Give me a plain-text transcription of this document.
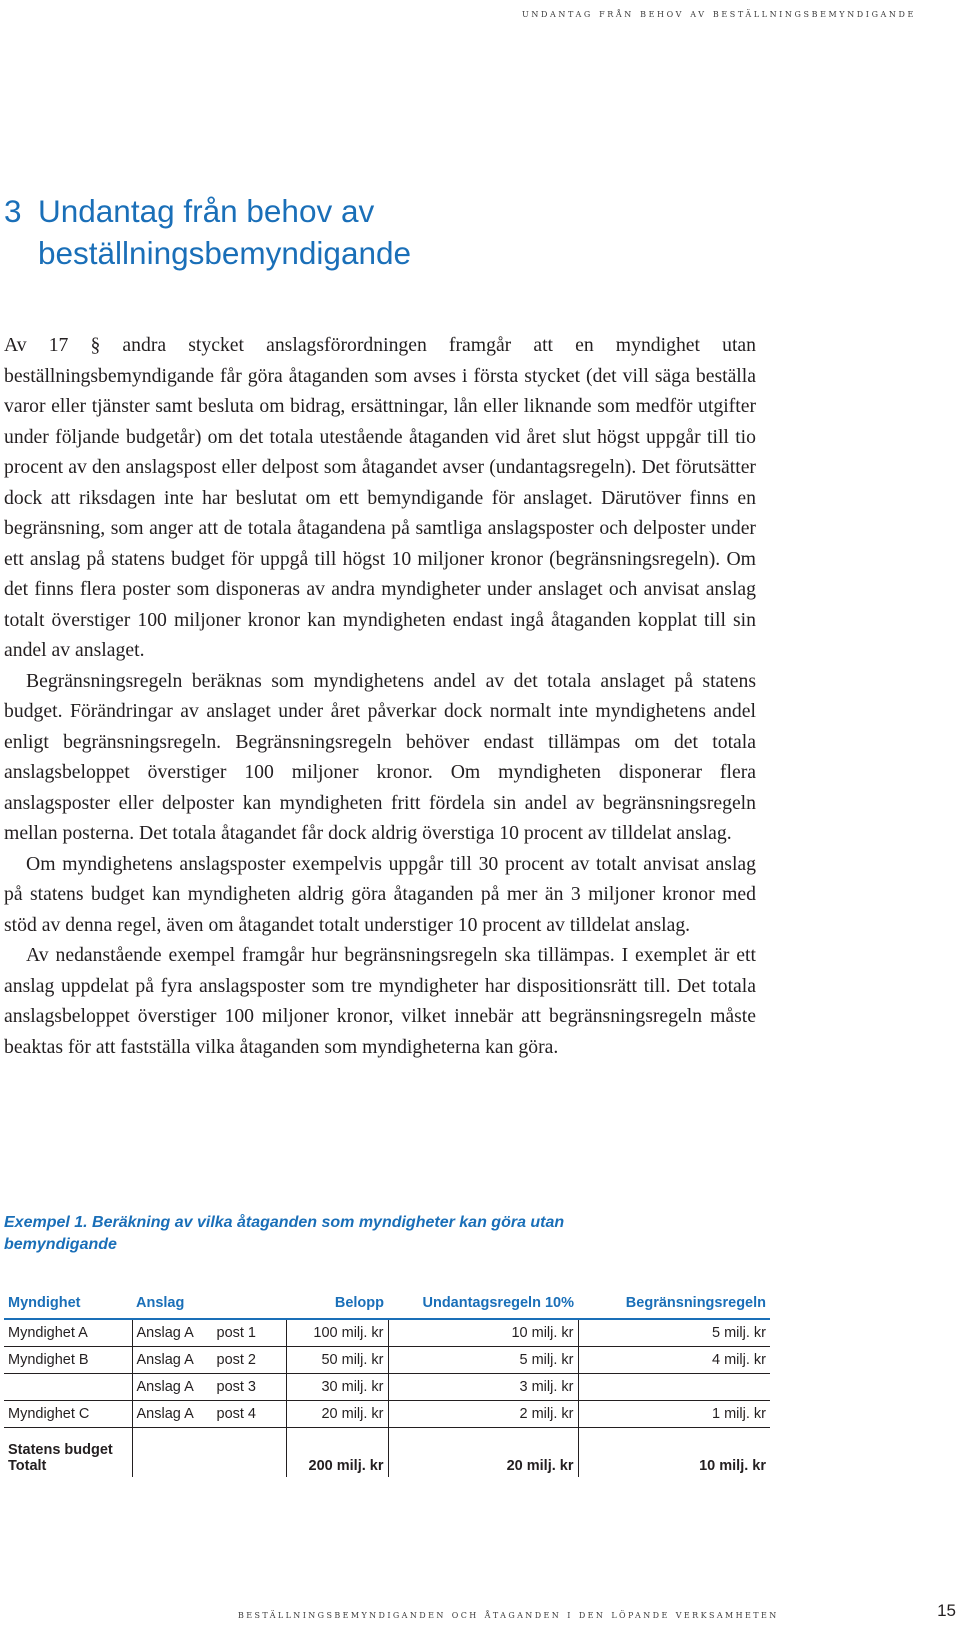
undantag från behov av beställningsbemyndigande
3 Undantag från behov av
beställningsbemyndigande

Av 17 § andra stycket anslagsförordningen framgår att en myndighet utan beställningsbemyndigande får göra åtaganden som avses i första stycket (det vill säga beställa varor eller tjänster samt besluta om bidrag, ersättningar, lån eller liknande som medför utgifter under följande budgetår) om det totala utestående åtaganden vid året slut högst uppgår till tio procent av den anslagspost eller delpost som åtagandet avser (undantagsregeln). Det förutsätter dock att riksdagen inte har beslutat om ett bemyndigande för anslaget. Därutöver finns en begränsning, som anger att de totala åtagandena på samtliga anslagsposter och delposter under ett anslag på statens budget för uppgå till högst 10 miljoner kronor (begränsningsregeln). Om det finns flera poster som disponeras av andra myndigheter under anslaget och anvisat anslag totalt överstiger 100 miljoner kronor kan myndigheten endast ingå åtaganden kopplat till sin andel av anslaget.

Begränsningsregeln beräknas som myndighetens andel av det totala anslaget på statens budget. Förändringar av anslaget under året påverkar dock normalt inte myndighetens andel enligt begränsningsregeln. Begränsningsregeln behöver endast tillämpas om det totala anslagsbeloppet överstiger 100 miljoner kronor. Om myndigheten disponerar flera anslagsposter eller delposter kan myndigheten fritt fördela sin andel av begränsningsregeln mellan posterna. Det totala åtagandet får dock aldrig överstiga 10 procent av tilldelat anslag.

Om myndighetens anslagsposter exempelvis uppgår till 30 procent av totalt anvisat anslag på statens budget kan myndigheten aldrig göra åtaganden på mer än 3 miljoner kronor med stöd av denna regel, även om åtagandet totalt understiger 10 procent av tilldelat anslag.

Av nedanstående exempel framgår hur begränsningsregeln ska tillämpas. I exemplet är ett anslag uppdelat på fyra anslagsposter som tre myndigheter har dispositionsrätt till. Det totala anslagsbeloppet överstiger 100 miljoner kronor, vilket innebär att begränsningsregeln måste beaktas för att fastställa vilka åtaganden som myndigheterna kan göra.

Exempel 1. Beräkning av vilka åtaganden som myndigheter kan göra utan bemyndigande
Myndighet	Anslag	Belopp	Undantagsregeln 10%	Begränsningsregeln
Myndighet A	Anslag A post 1	100 milj. kr	10 milj. kr	5 milj. kr
Myndighet B	Anslag A post 2	50 milj. kr	5 milj. kr	4 milj. kr
	Anslag A post 3	30 milj. kr	3 milj. kr	
Myndighet C	Anslag A post 4	20 milj. kr	2 milj. kr	1 milj. kr

Statens budget
Totalt		200 milj. kr	20 milj. kr	10 milj. kr
beställningsbemyndiganden och åtaganden i den löpande verksamheten	15
